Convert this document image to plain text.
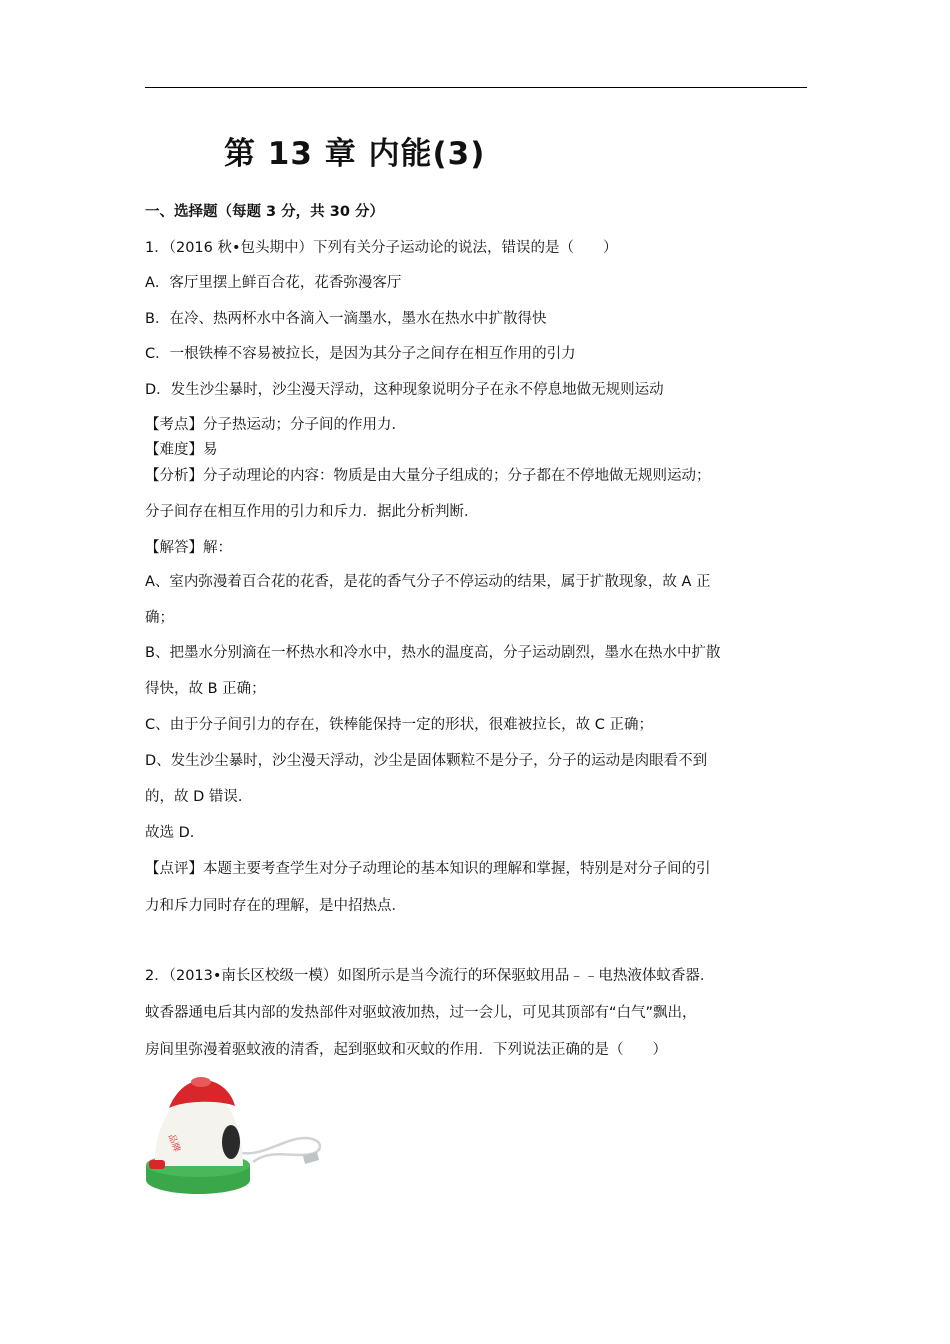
第 13 章 内能(3)
一、选择题（每题 3 分，共 30 分）
1．（2016 秋•包头期中）下列有关分子运动论的说法，错误的是（　　）
A．客厅里摆上鲜百合花，花香弥漫客厅
B．在冷、热两杯水中各滴入一滴墨水，墨水在热水中扩散得快
C．一根铁棒不容易被拉长，是因为其分子之间存在相互作用的引力
D．发生沙尘暴时，沙尘漫天浮动，这种现象说明分子在永不停息地做无规则运动
【考点】分子热运动；分子间的作用力．
【难度】易
【分析】分子动理论的内容：物质是由大量分子组成的；分子都在不停地做无规则运动；
分子间存在相互作用的引力和斥力．据此分析判断．
【解答】解：
A、室内弥漫着百合花的花香，是花的香气分子不停运动的结果，属于扩散现象，故 A 正
确；
B、把墨水分别滴在一杯热水和冷水中，热水的温度高，分子运动剧烈，墨水在热水中扩散
得快，故 B 正确；
C、由于分子间引力的存在，铁棒能保持一定的形状，很难被拉长，故 C 正确；
D、发生沙尘暴时，沙尘漫天浮动，沙尘是固体颗粒不是分子，分子的运动是肉眼看不到
的，故 D 错误．
故选 D．
【点评】本题主要考查学生对分子动理论的基本知识的理解和掌握，特别是对分子间的引
力和斥力同时存在的理解，是中招热点．
2．（2013•南长区校级一模）如图所示是当今流行的环保驱蚊用品﹣﹣电热液体蚊香器．
蚊香器通电后其内部的发热部件对驱蚊液加热，过一会儿，可见其顶部有“白气”飘出，
房间里弥漫着驱蚊液的清香，起到驱蚊和灭蚊的作用．下列说法正确的是（　　）
品牌
